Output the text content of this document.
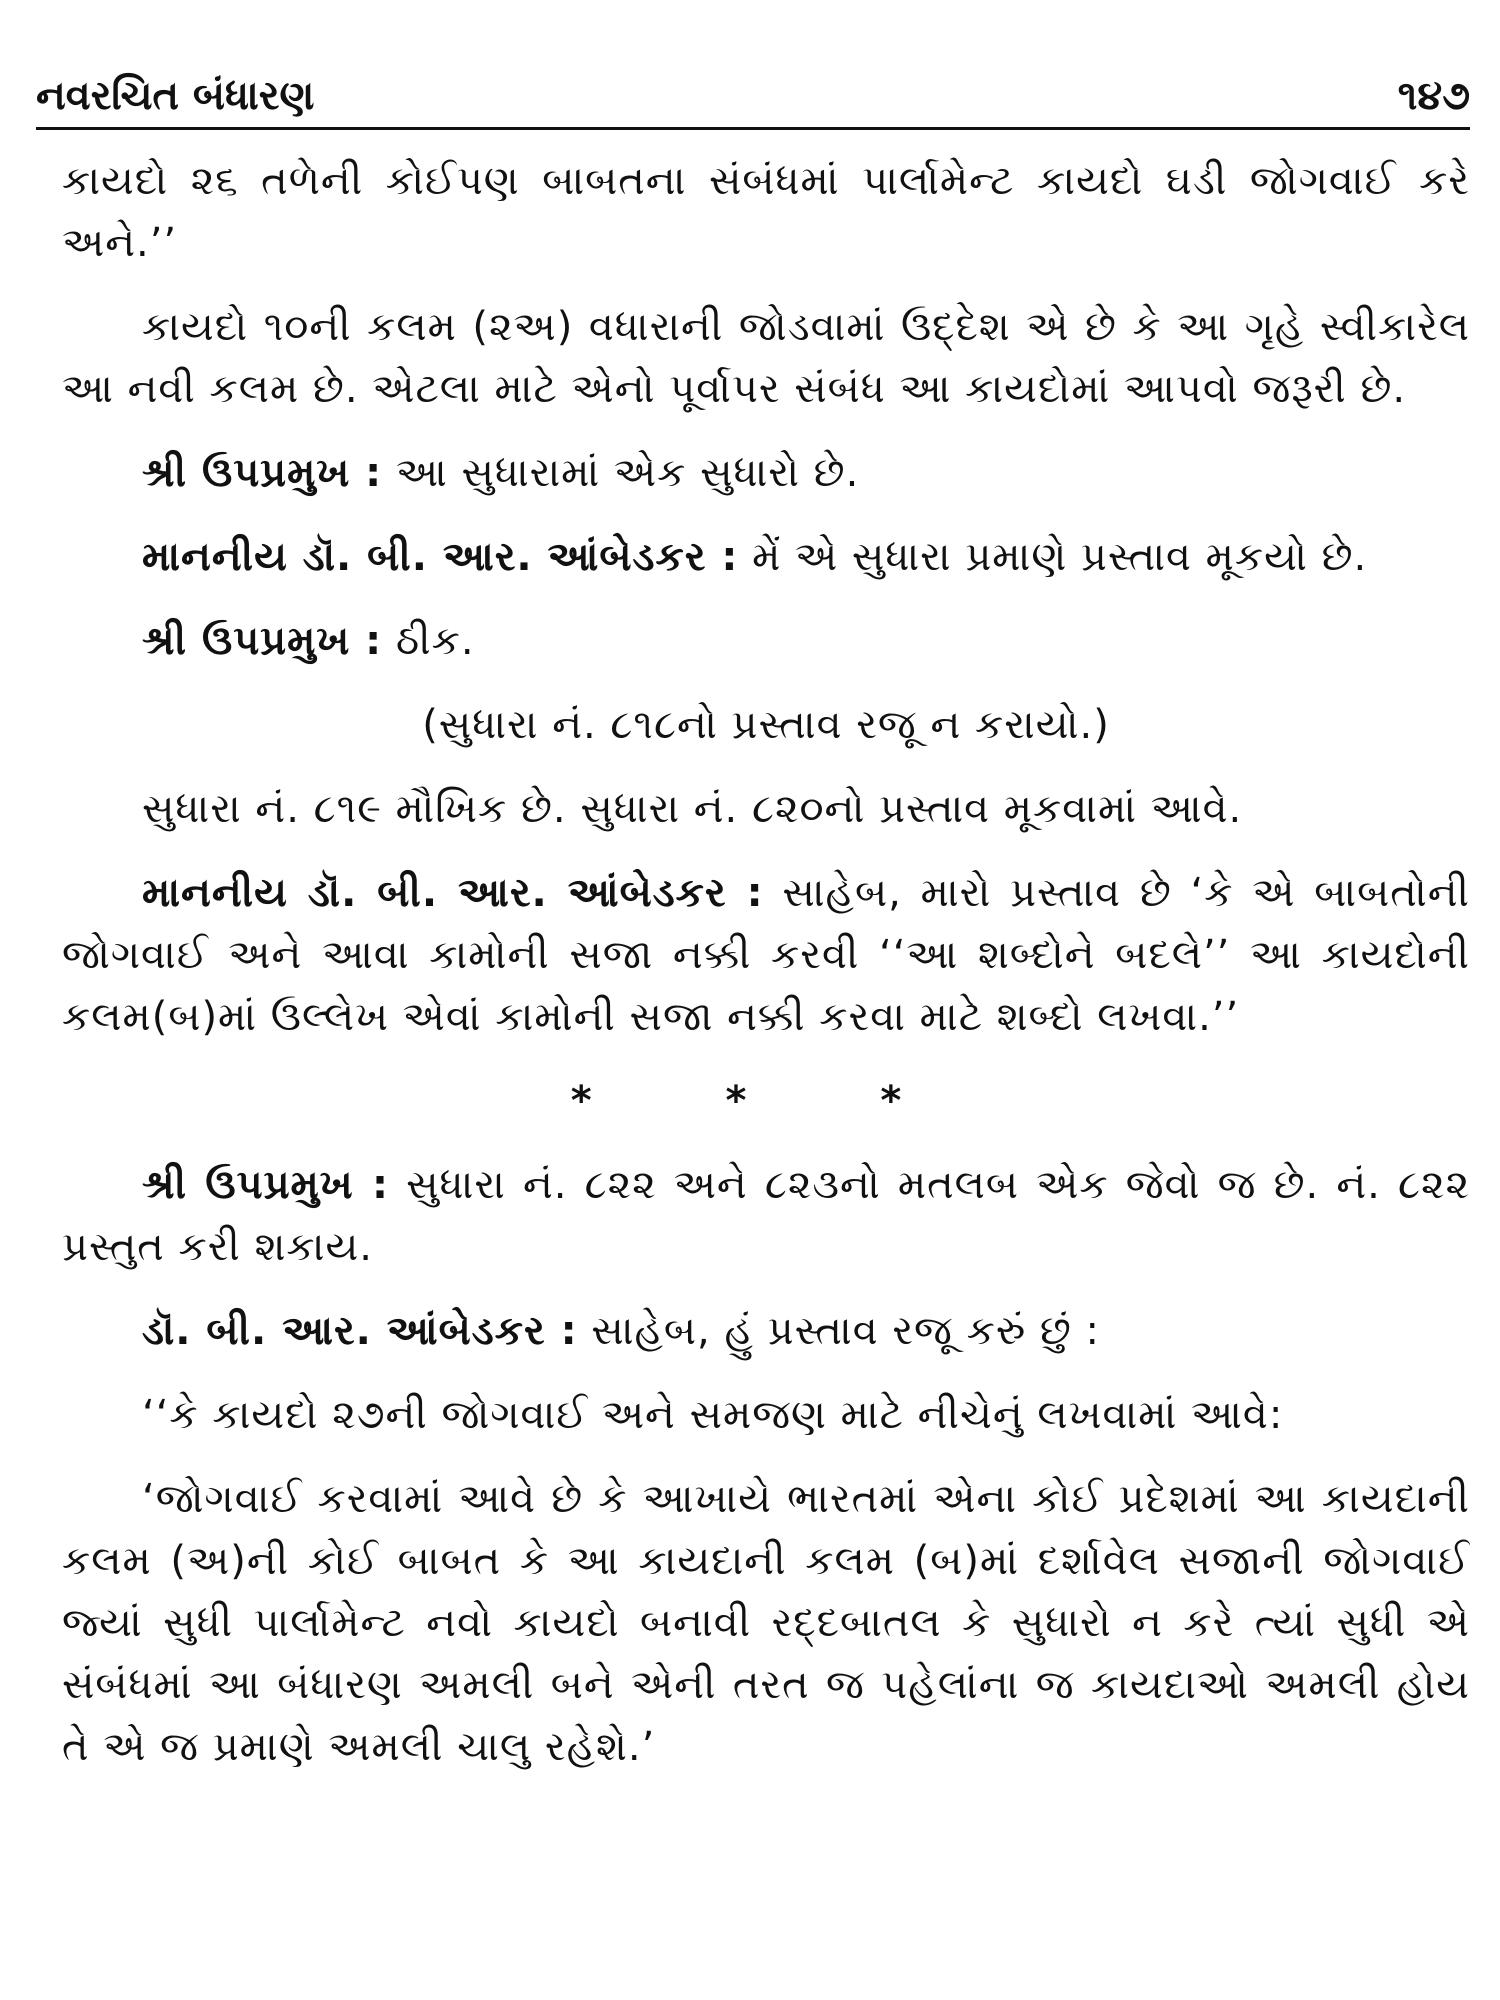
નવરચિત બંધારણ	૧૪૭

કાયદો ૨૬ તળેની કોઈપણ બાબતના સંબંધમાં પાર્લામેન્ટ કાયદો ઘડી જોગવાઈ કરે અને.’’

કાયદો ૧૦ની કલમ (૨અ) વધારાની જોડવામાં ઉદ્દેશ એ છે કે આ ગૃહે સ્વીકારેલ આ નવી કલમ છે. એટલા માટે એનો પૂર્વાપર સંબંધ આ કાયદોમાં આપવો જરૂરી છે.

શ્રી ઉપપ્રમુખ : આ સુધારામાં એક સુધારો છે.

માનનીય ડૉ. બી. આર. આંબેડકર : મેં એ સુધારા પ્રમાણે પ્રસ્તાવ મૂકયો છે.

શ્રી ઉપપ્રમુખ : ઠીક.

(સુધારા નં. ૮૧૮નો પ્રસ્તાવ રજૂ ન કરાયો.)

સુધારા નં. ૮૧૯ મૌખિક છે. સુધારા નં. ૮૨૦નો પ્રસ્તાવ મૂકવામાં આવે.

માનનીય ડૉ. બી. આર. આંબેડકર : સાહેબ, મારો પ્રસ્તાવ છે ‘કે એ બાબતોની જોગવાઈ અને આવા કામોની સજા નક્કી કરવી ‘‘આ શબ્દોને બદલે’’ આ કાયદોની કલમ(બ)માં ઉલ્લેખ એવાં કામોની સજા નક્કી કરવા માટે શબ્દો લખવા.’’

* * *

શ્રી ઉપપ્રમુખ : સુધારા નં. ૮૨૨ અને ૮૨૩નો મતલબ એક જેવો જ છે. નં. ૮૨૨ પ્રસ્તુત કરી શકાય.

ડૉ. બી. આર. આંબેડકર : સાહેબ, હું પ્રસ્તાવ રજૂ કરું છું :

‘‘કે કાયદો ૨૭ની જોગવાઈ અને સમજણ માટે નીચેનું લખવામાં આવે:

‘જોગવાઈ કરવામાં આવે છે કે આખાયે ભારતમાં એના કોઈ પ્રદેશમાં આ કાયદાની કલમ (અ)ની કોઈ બાબત કે આ કાયદાની કલમ (બ)માં દર્શાવેલ સજાની જોગવાઈ જ્યાં સુધી પાર્લામેન્ટ નવો કાયદો બનાવી રદ્દબાતલ કે સુધારો ન કરે ત્યાં સુધી એ સંબંધમાં આ બંધારણ અમલી બને એની તરત જ પહેલાંના જ કાયદાઓ અમલી હોય તે એ જ પ્રમાણે અમલી ચાલુ રહેશે.’
